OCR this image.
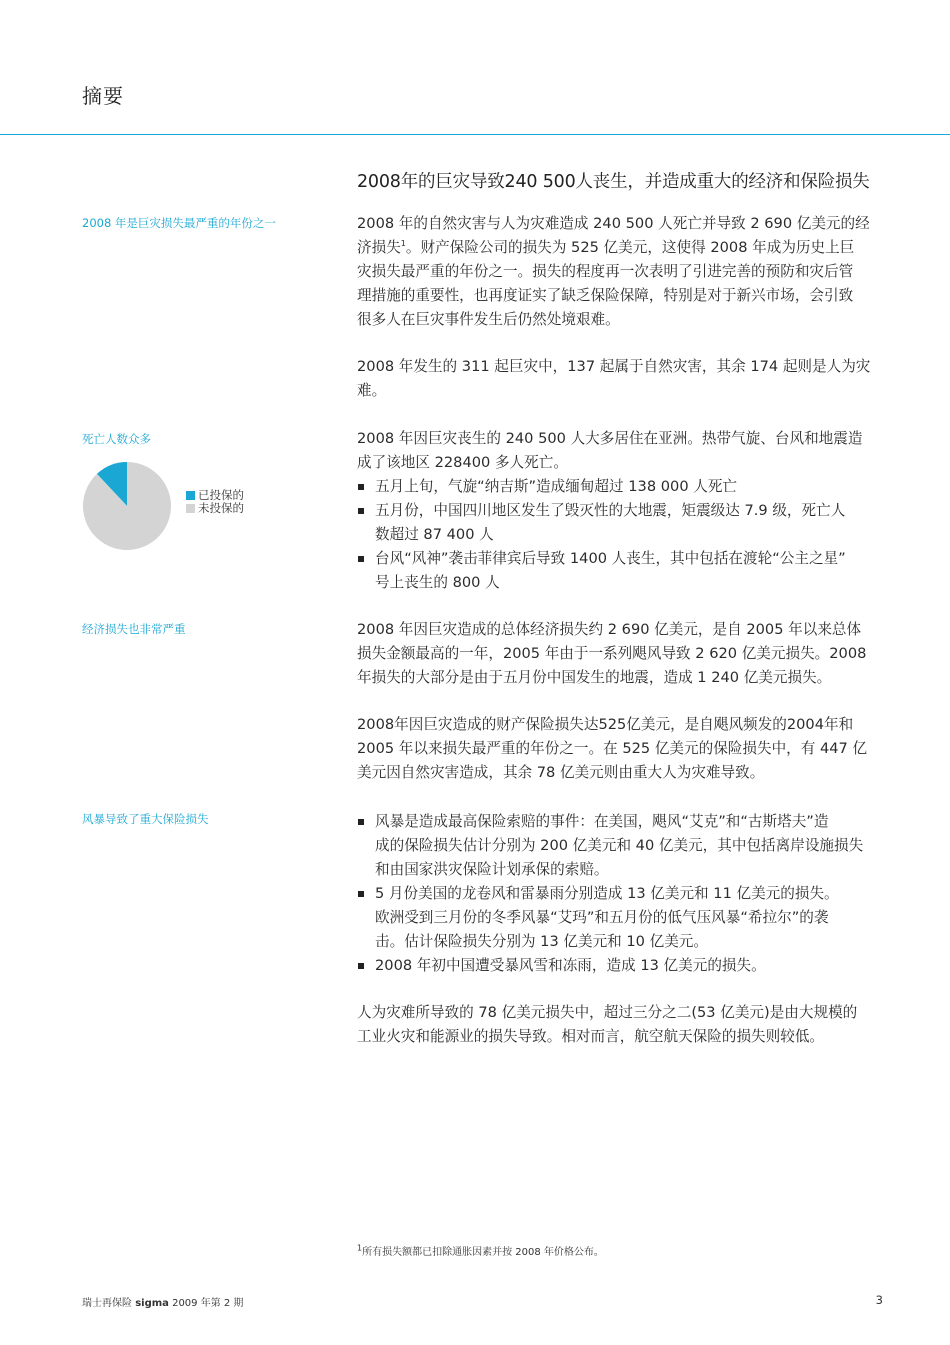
摘要
2008年的巨灾导致240 500人丧生，并造成重大的经济和保险损失
2008 年是巨灾损失最严重的年份之一
死亡人数众多
经济损失也非常严重
风暴导致了重大保险损失
2008 年的自然灾害与人为灾难造成 240 500 人死亡并导致 2 690 亿美元的经
济损失$^1$。财产保险公司的损失为 525 亿美元，这使得 2008 年成为历史上巨
灾损失最严重的年份之一。损失的程度再一次表明了引进完善的预防和灾后管
理措施的重要性，也再度证实了缺乏保险保障，特别是对于新兴市场，会引致
很多人在巨灾事件发生后仍然处境艰难。
2008 年发生的 311 起巨灾中，137 起属于自然灾害，其余 174 起则是人为灾
难。
2008 年因巨灾丧生的 240 500 人大多居住在亚洲。热带气旋、台风和地震造
成了该地区 228400 多人死亡。
五月上旬，气旋“纳吉斯”造成缅甸超过 138 000 人死亡
五月份，中国四川地区发生了毁灭性的大地震，矩震级达 7.9 级，死亡人
数超过 87 400 人
台风“风神”袭击菲律宾后导致 1400 人丧生，其中包括在渡轮“公主之星”
号上丧生的 800 人
已投保的
未投保的
2008 年因巨灾造成的总体经济损失约 2 690 亿美元，是自 2005 年以来总体
损失金额最高的一年，2005 年由于一系列飓风导致 2 620 亿美元损失。2008
年损失的大部分是由于五月份中国发生的地震，造成 1 240 亿美元损失。
2008年因巨灾造成的财产保险损失达525亿美元，是自飓风频发的2004年和
2005 年以来损失最严重的年份之一。在 525 亿美元的保险损失中，有 447 亿
美元因自然灾害造成，其余 78 亿美元则由重大人为灾难导致。
风暴是造成最高保险索赔的事件：在美国，飓风“艾克”和“古斯塔夫”造
成的保险损失估计分别为 200 亿美元和 40 亿美元，其中包括离岸设施损失
和由国家洪灾保险计划承保的索赔。
5 月份美国的龙卷风和雷暴雨分别造成 13 亿美元和 11 亿美元的损失。
欧洲受到三月份的冬季风暴“艾玛”和五月份的低气压风暴“希拉尔”的袭
击。估计保险损失分别为 13 亿美元和 10 亿美元。
2008 年初中国遭受暴风雪和冻雨，造成 13 亿美元的损失。
人为灾难所导致的 78 亿美元损失中，超过三分之二(53 亿美元)是由大规模的
工业火灾和能源业的损失导致。相对而言，航空航天保险的损失则较低。
$^1$所有损失额都已扣除通胀因素并按 2008 年价格公布。
瑞士再保险 sigma 2009 年第 2 期	3
